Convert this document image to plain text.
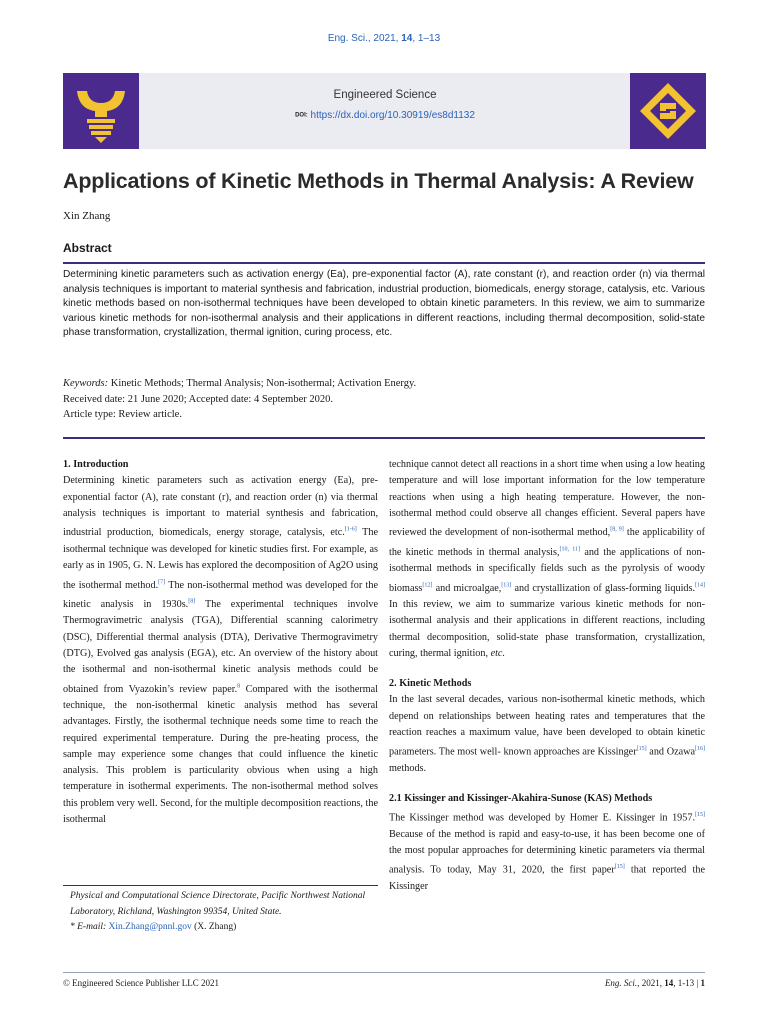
Eng. Sci., 2021, 14, 1–13
Engineered Science
DOI: https://dx.doi.org/10.30919/es8d1132
Applications of Kinetic Methods in Thermal Analysis: A Review
Xin Zhang
Abstract
Determining kinetic parameters such as activation energy (Ea), pre-exponential factor (A), rate constant (r), and reaction order (n) via thermal analysis techniques is important to material synthesis and fabrication, industrial production, biomedicals, energy storage, catalysis, etc. Various kinetic methods based on non-isothermal techniques have been developed to obtain kinetic parameters. In this review, we aim to summarize various kinetic methods for non-isothermal analysis and their applications in different reactions, including thermal decomposition, solid-state phase transformation, crystallization, thermal ignition, curing process, etc.
Keywords: Kinetic Methods; Thermal Analysis; Non-isothermal; Activation Energy.
Received date: 21 June 2020; Accepted date: 4 September 2020.
Article type: Review article.
1. Introduction
Determining kinetic parameters such as activation energy (Ea), pre-exponential factor (A), rate constant (r), and reaction order (n) via thermal analysis techniques is important to material synthesis and fabrication, industrial production, biomedicals, energy storage, catalysis, etc.[1-6] The isothermal technique was developed for kinetic studies first. For example, as early as in 1905, G. N. Lewis has explored the decomposition of Ag2O using the isothermal method.[7] The non-isothermal method was developed for the kinetic analysis in 1930s.[8] The experimental techniques involve Thermogravimetric analysis (TGA), Differential scanning calorimetry (DSC), Differential thermal analysis (DTA), Derivative Thermogravimetry (DTG), Evolved gas analysis (EGA), etc. An overview of the history about the isothermal and non-isothermal kinetic analysis methods could be obtained from Vyazokin’s review paper.$^8$ Compared with the isothermal technique, the non-isothermal kinetic analysis method has several advantages. Firstly, the isothermal technique needs some time to reach the required experimental temperature. During the pre-heating process, the sample may experience some changes that could influence the kinetic analysis. This problem is particularity obvious when using a high temperature in isothermal experiments. The non-isothermal method solves this problem very well. Second, for the multiple decomposition reactions, the isothermal
technique cannot detect all reactions in a short time when using a low heating temperature and will lose important information for the low temperature reactions when using a high heating temperature. However, the non-isothermal method could observe all changes efficient. Several papers have reviewed the development of non-isothermal method,[8, 9] the applicability of the kinetic methods in thermal analysis,[10, 11] and the applications of non-isothermal methods in specifically fields such as the pyrolysis of woody biomass[12] and microalgae,[13] and crystallization of glass-forming liquids.[14] In this review, we aim to summarize various kinetic methods for non-isothermal analysis and their applications in different reactions, including thermal decomposition, solid-state phase transformation, crystallization, curing, thermal ignition, etc.
2. Kinetic Methods
In the last several decades, various non-isothermal kinetic methods, which depend on relationships between heating rates and temperatures that the reaction reaches a maximum value, have been developed to obtain kinetic parameters. The most well- known approaches are Kissinger[15] and Ozawa[16] methods.
2.1 Kissinger and Kissinger-Akahira-Sunose (KAS) Methods
The Kissinger method was developed by Homer E. Kissinger in 1957.[15] Because of the method is rapid and easy-to-use, it has been become one of the most popular approaches for determining kinetic parameters via thermal analysis. To today, May 31, 2020, the first paper[15] that reported the Kissinger
Physical and Computational Science Directorate, Pacific Northwest National Laboratory, Richland, Washington 99354, United State.
* E-mail: Xin.Zhang@pnnl.gov (X. Zhang)
© Engineered Science Publisher LLC 2021	Eng. Sci., 2021, 14, 1-13 | 1
